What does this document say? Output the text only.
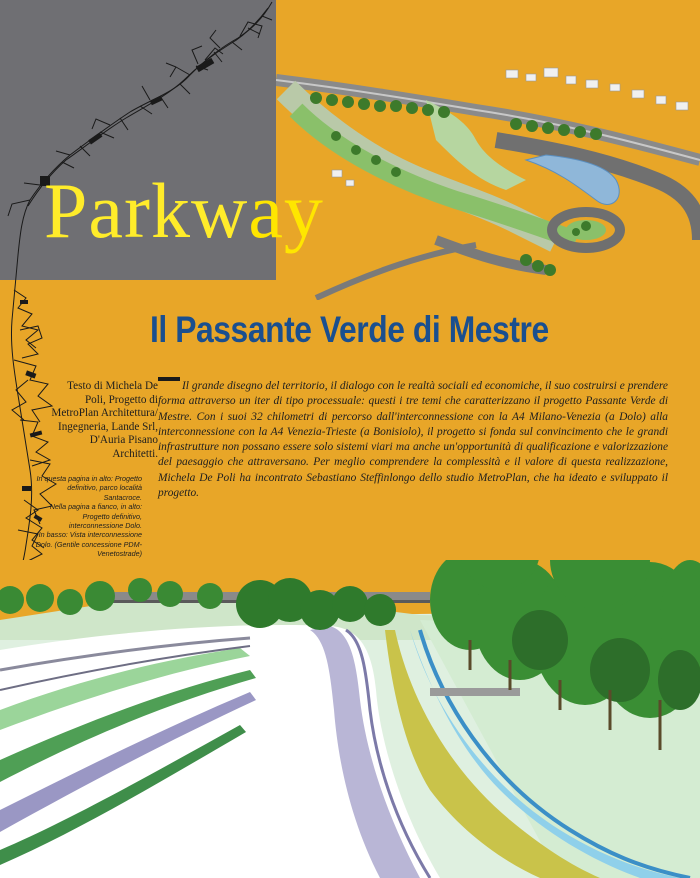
Parkway
Il Passante Verde di Mestre

Il grande disegno del territorio, il dialogo con le realtà sociali ed economiche, il suo costruirsi e prendere forma attraverso un iter di tipo processuale: questi i tre temi che caratterizzano il progetto Passante Verde di Mestre. Con i suoi 32 chilometri di percorso dall'interconnessione con la A4 Milano-Venezia (a Dolo) alla interconnessione con la A4 Venezia-Trieste (a Bonisiolo), il progetto si fonda sul convincimento che le grandi infrastrutture non possano essere solo sistemi viari ma anche un'opportunità di qualificazione e valorizzazione del paesaggio che attraversano. Per meglio comprendere la complessità e il valore di questa realizzazione, Michela De Poli ha incontrato Sebastiano Steffinlongo dello studio MetroPlan, che ha ideato e sviluppato il progetto.

Testo di Michela De Poli, Progetto di MetroPlan Architettura/ Ingegneria, Lande Srl, D'Auria Pisano Architetti.

In questa pagina in alto: Progetto definitivo, parco località Santacroce.
Nella pagina a fianco, in alto: Progetto definitivo, interconnessione Dolo.
In basso: Vista interconnessione Dolo. (Gentile concessione PDM-Venetostrade)
